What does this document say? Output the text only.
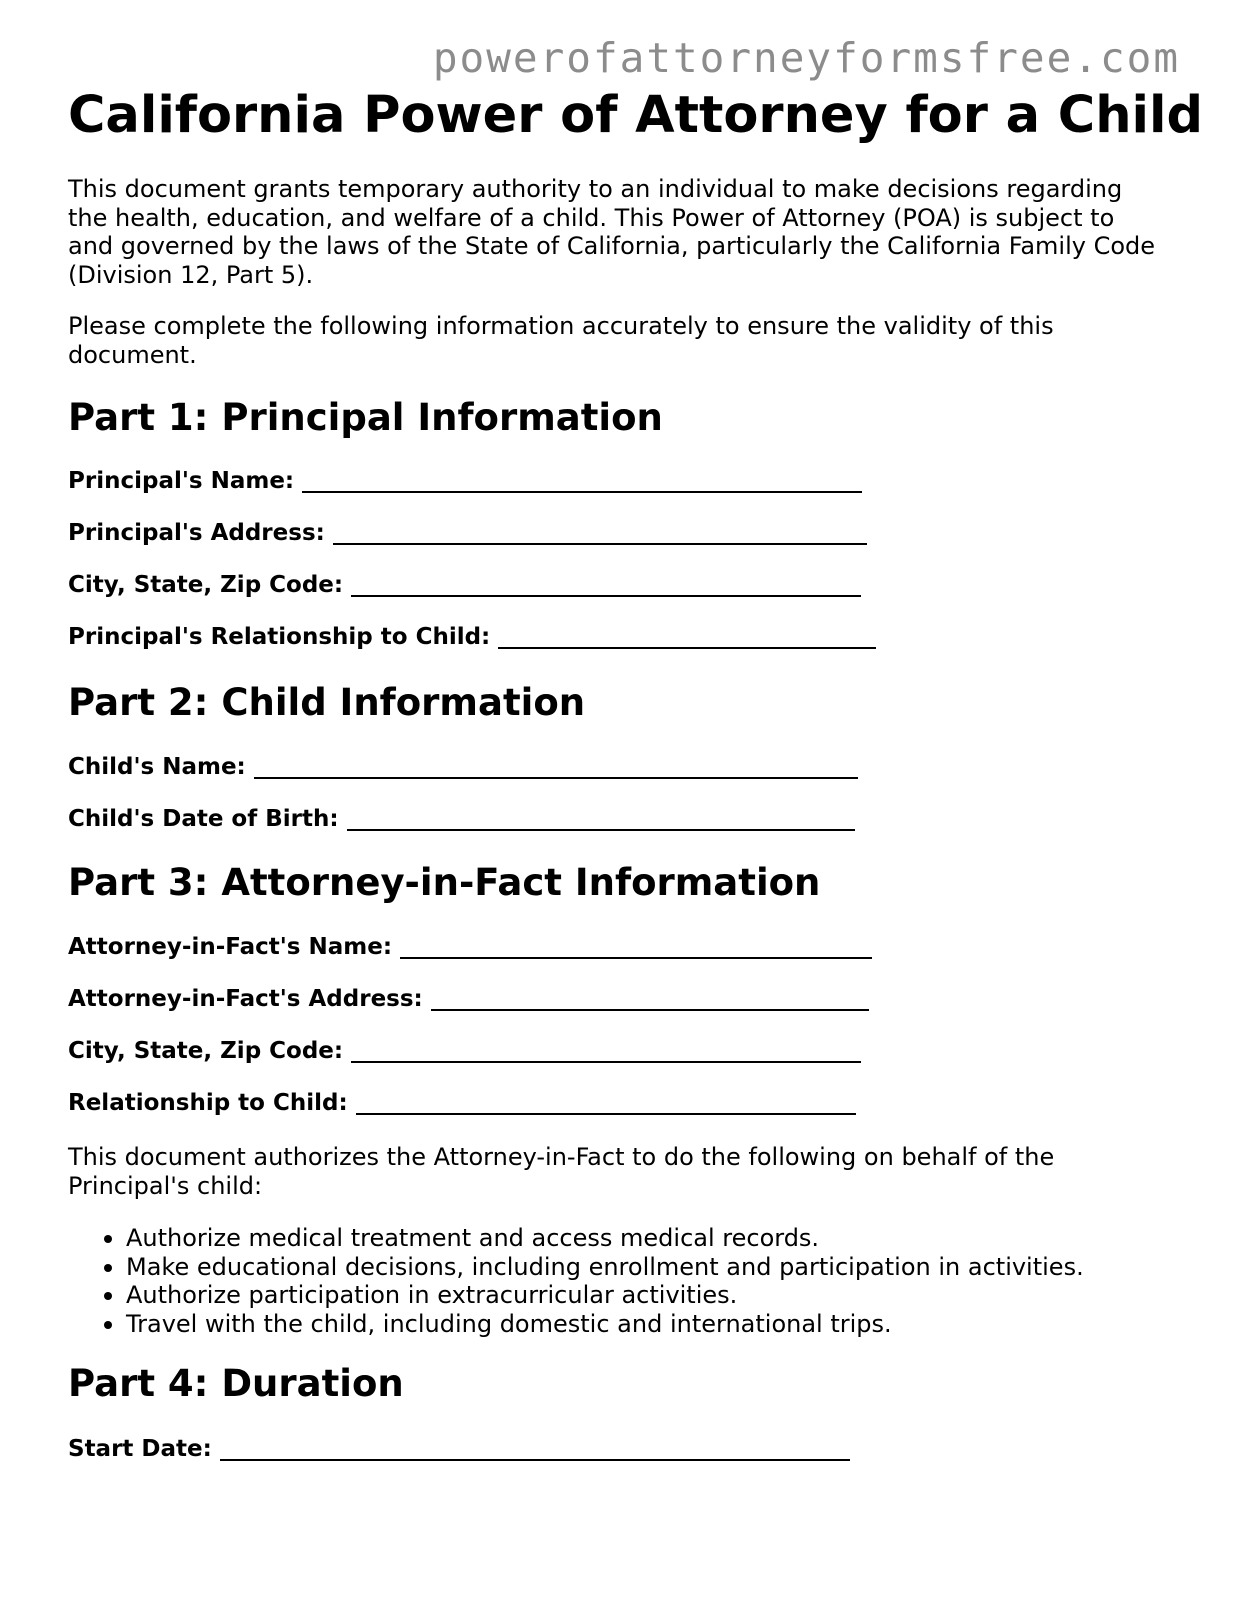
powerofattorneyformsfree.com
California Power of Attorney for a Child
This document grants temporary authority to an individual to make decisions regarding
the health, education, and welfare of a child. This Power of Attorney (POA) is subject to
and governed by the laws of the State of California, particularly the California Family Code
(Division 12, Part 5).
Please complete the following information accurately to ensure the validity of this
document.
Part 1: Principal Information
Principal's Name:
Principal's Address:
City, State, Zip Code:
Principal's Relationship to Child:
Part 2: Child Information
Child's Name:
Child's Date of Birth:
Part 3: Attorney-in-Fact Information
Attorney-in-Fact's Name:
Attorney-in-Fact's Address:
City, State, Zip Code:
Relationship to Child:
This document authorizes the Attorney-in-Fact to do the following on behalf of the
Principal's child:
Authorize medical treatment and access medical records.
Make educational decisions, including enrollment and participation in activities.
Authorize participation in extracurricular activities.
Travel with the child, including domestic and international trips.
Part 4: Duration
Start Date:
